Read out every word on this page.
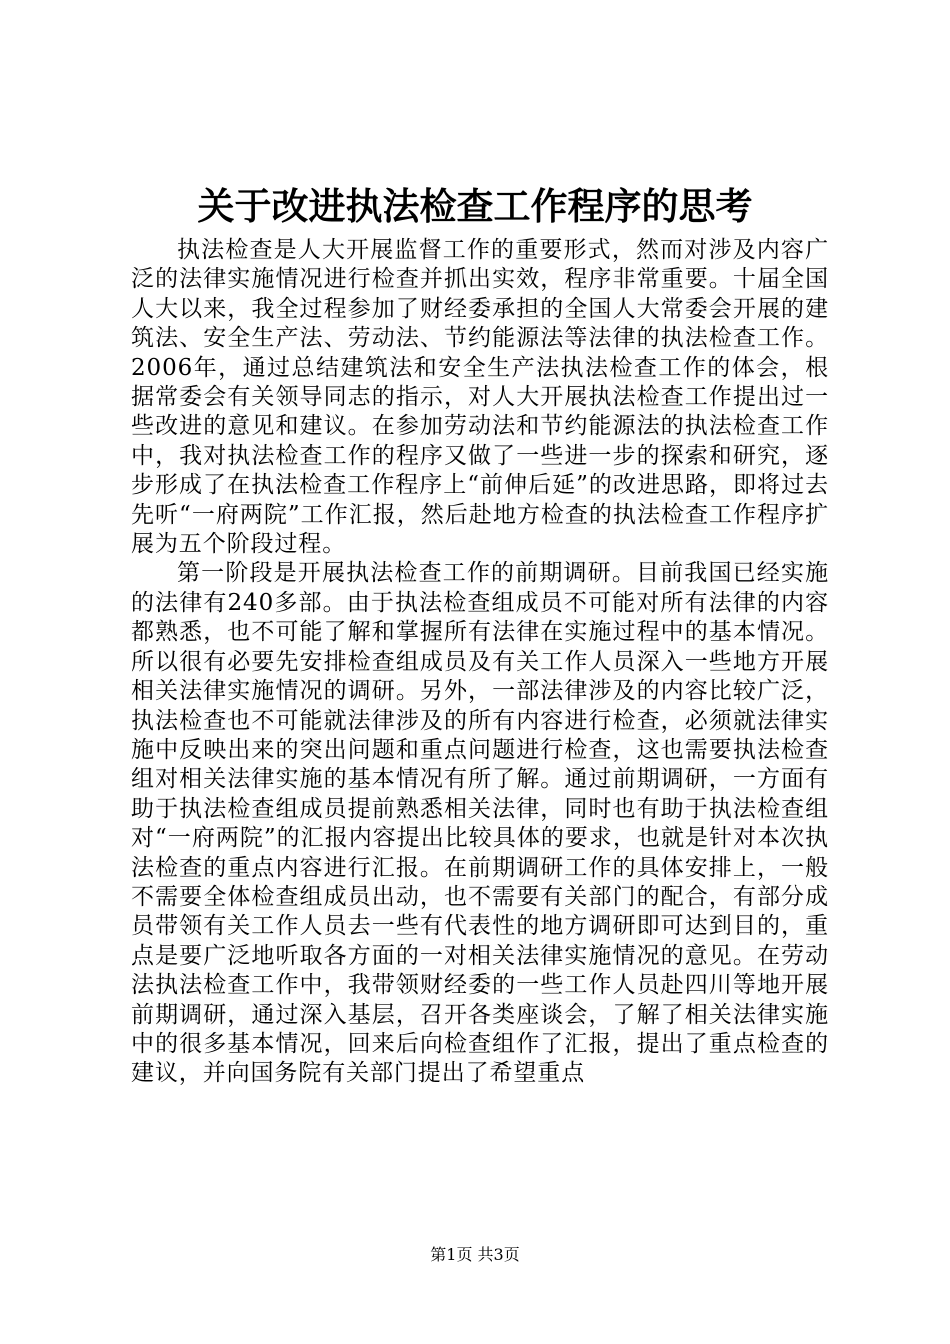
关于改进执法检查工作程序的思考

执法检查是人大开展监督工作的重要形式，然而对涉及内容广泛的法律实施情况进行检查并抓出实效，程序非常重要。十届全国人大以来，我全过程参加了财经委承担的全国人大常委会开展的建筑法、安全生产法、劳动法、节约能源法等法律的执法检查工作。2006年，通过总结建筑法和安全生产法执法检查工作的体会，根据常委会有关领导同志的指示，对人大开展执法检查工作提出过一些改进的意见和建议。在参加劳动法和节约能源法的执法检查工作中，我对执法检查工作的程序又做了一些进一步的探索和研究，逐步形成了在执法检查工作程序上“前伸后延”的改进思路，即将过去先听“一府两院”工作汇报，然后赴地方检查的执法检查工作程序扩展为五个阶段过程。

第一阶段是开展执法检查工作的前期调研。目前我国已经实施的法律有240多部。由于执法检查组成员不可能对所有法律的内容都熟悉，也不可能了解和掌握所有法律在实施过程中的基本情况。所以很有必要先安排检查组成员及有关工作人员深入一些地方开展相关法律实施情况的调研。另外，一部法律涉及的内容比较广泛，执法检查也不可能就法律涉及的所有内容进行检查，必须就法律实施中反映出来的突出问题和重点问题进行检查，这也需要执法检查组对相关法律实施的基本情况有所了解。通过前期调研，一方面有助于执法检查组成员提前熟悉相关法律，同时也有助于执法检查组对“一府两院”的汇报内容提出比较具体的要求，也就是针对本次执法检查的重点内容进行汇报。在前期调研工作的具体安排上，一般不需要全体检查组成员出动，也不需要有关部门的配合，有部分成员带领有关工作人员去一些有代表性的地方调研即可达到目的，重点是要广泛地听取各方面的一对相关法律实施情况的意见。在劳动法执法检查工作中，我带领财经委的一些工作人员赴四川等地开展前期调研，通过深入基层，召开各类座谈会，了解了相关法律实施中的很多基本情况，回来后向检查组作了汇报，提出了重点检查的建议，并向国务院有关部门提出了希望重点

第1页 共3页
